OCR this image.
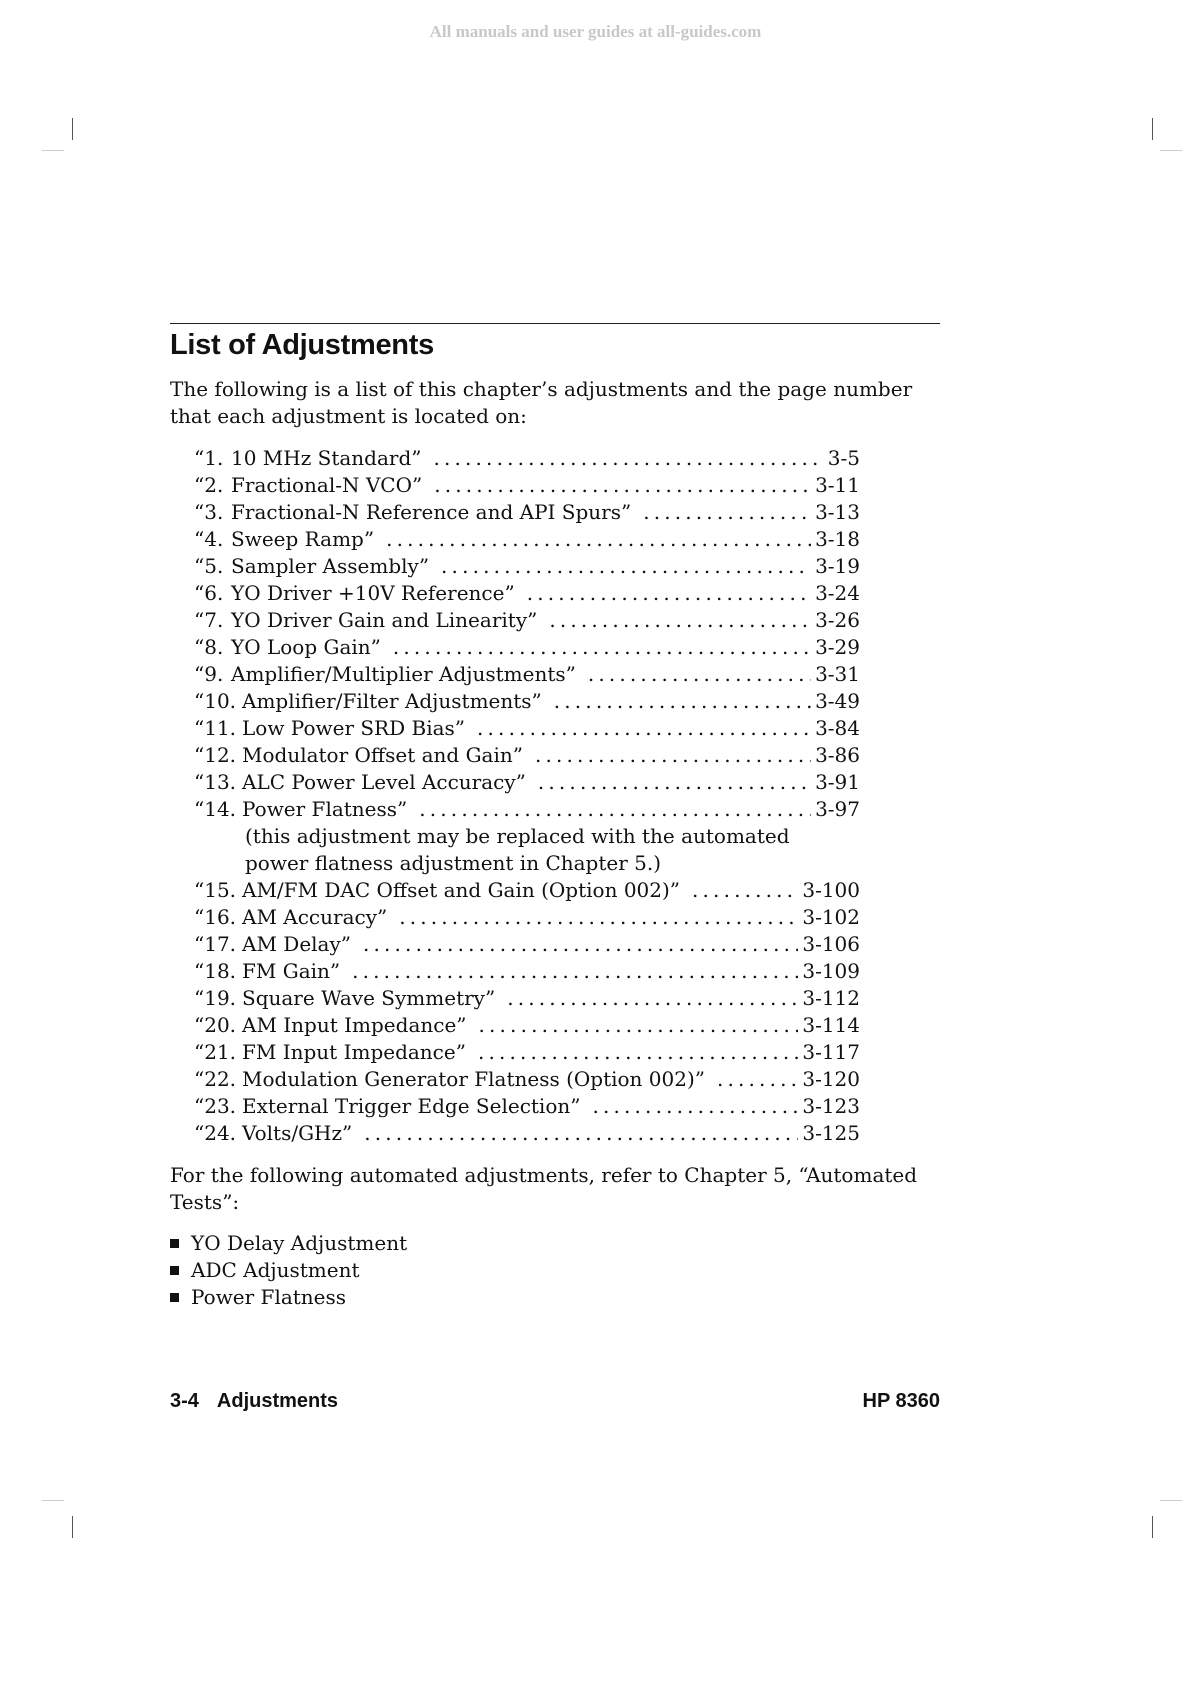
All manuals and user guides at all-guides.com
List of Adjustments

The following is a list of this chapter’s adjustments and the page number that each adjustment is located on:

“1. 10 MHz Standard” . . .	3-5
“2. Fractional-N VCO” . . .	3-11
“3. Fractional-N Reference and API Spurs” . . .	3-13
“4. Sweep Ramp” . . .	3-18
“5. Sampler Assembly” . . .	3-19
“6. YO Driver +10V Reference” . . .	3-24
“7. YO Driver Gain and Linearity” . . .	3-26
“8. YO Loop Gain” . . .	3-29
“9. Amplifier/Multiplier Adjustments” . . .	3-31
“10. Amplifier/Filter Adjustments” . . .	3-49
“11. Low Power SRD Bias” . . .	3-84
“12. Modulator Offset and Gain” . . .	3-86
“13. ALC Power Level Accuracy” . . .	3-91
“14. Power Flatness” . . .	3-97
(this adjustment may be replaced with the automated
power flatness adjustment in Chapter 5.)
“15. AM/FM DAC Offset and Gain (Option 002)” . . .	3-100
“16. AM Accuracy” . . .	3-102
“17. AM Delay” . . .	3-106
“18. FM Gain” . . .	3-109
“19. Square Wave Symmetry” . . .	3-112
“20. AM Input Impedance” . . .	3-114
“21. FM Input Impedance” . . .	3-117
“22. Modulation Generator Flatness (Option 002)” . . .	3-120
“23. External Trigger Edge Selection” . . .	3-123
“24. Volts/GHz” . . .	3-125

For the following automated adjustments, refer to Chapter 5, “Automated Tests”:

YO Delay Adjustment
ADC Adjustment
Power Flatness
3-4 Adjustments	HP 8360
